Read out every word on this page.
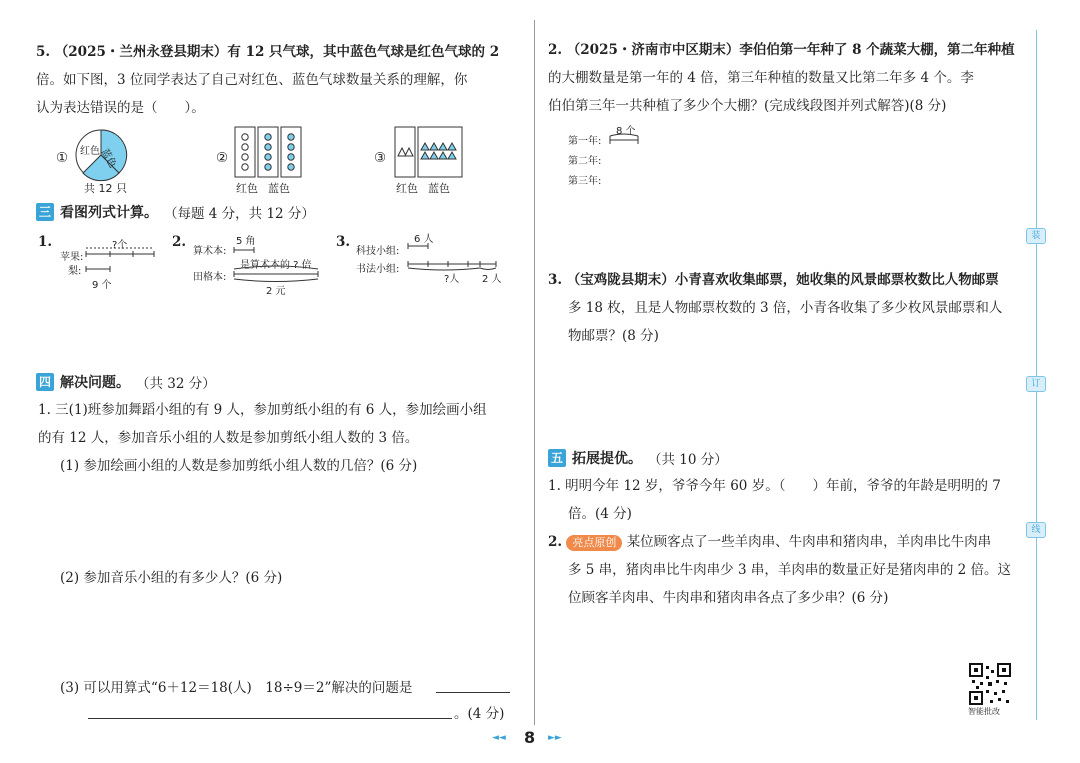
装
订
线
5. （2025・兰州永登县期末）有 12 只气球，其中蓝色气球是红色气球的 2
倍。如下图，3 位同学表达了自己对红色、蓝色气球数量关系的理解，你
认为表达错误的是（　　）。
① 红色
蓝色
共 12 只
②
红色 蓝色
③
红色 蓝色
三 看图列式计算。 （每题 4 分，共 12 分）
1.
苹果:
梨:
?个
9 个
2.
算术本:
田格本:
5 角
是算术本的 ? 倍
2 元
3.
科技小组:
书法小组:
6 人
?人 2 人
四 解决问题。 （共 32 分）
1. 三(1)班参加舞蹈小组的有 9 人，参加剪纸小组的有 6 人，参加绘画小组
的有 12 人，参加音乐小组的人数是参加剪纸小组人数的 3 倍。
(1) 参加绘画小组的人数是参加剪纸小组人数的几倍？(6 分)
(2) 参加音乐小组的有多少人？(6 分)
(3) 可以用算式“6＋12＝18(人)　18÷9＝2”解决的问题是
。(4 分)
2. （2025・济南市中区期末）李伯伯第一年种了 8 个蔬菜大棚，第二年种植
的大棚数量是第一年的 4 倍，第三年种植的数量又比第二年多 4 个。李
伯伯第三年一共种植了多少个大棚？(完成线段图并列式解答)(8 分)
第一年:
第二年:
第三年:
8 个
3. （宝鸡陇县期末）小青喜欢收集邮票，她收集的风景邮票枚数比人物邮票
多 18 枚，且是人物邮票枚数的 3 倍，小青各收集了多少枚风景邮票和人
物邮票？(8 分)
五 拓展提优。 （共 10 分）
1. 明明今年 12 岁，爷爷今年 60 岁。（　　）年前，爷爷的年龄是明明的 7
倍。(4 分)
2. 亮点原创 某位顾客点了一些羊肉串、牛肉串和猪肉串，羊肉串比牛肉串
多 5 串，猪肉串比牛肉串少 3 串，羊肉串的数量正好是猪肉串的 2 倍。这
位顾客羊肉串、牛肉串和猪肉串各点了多少串？(6 分)
智能批改
◄◄ 8 ►►
